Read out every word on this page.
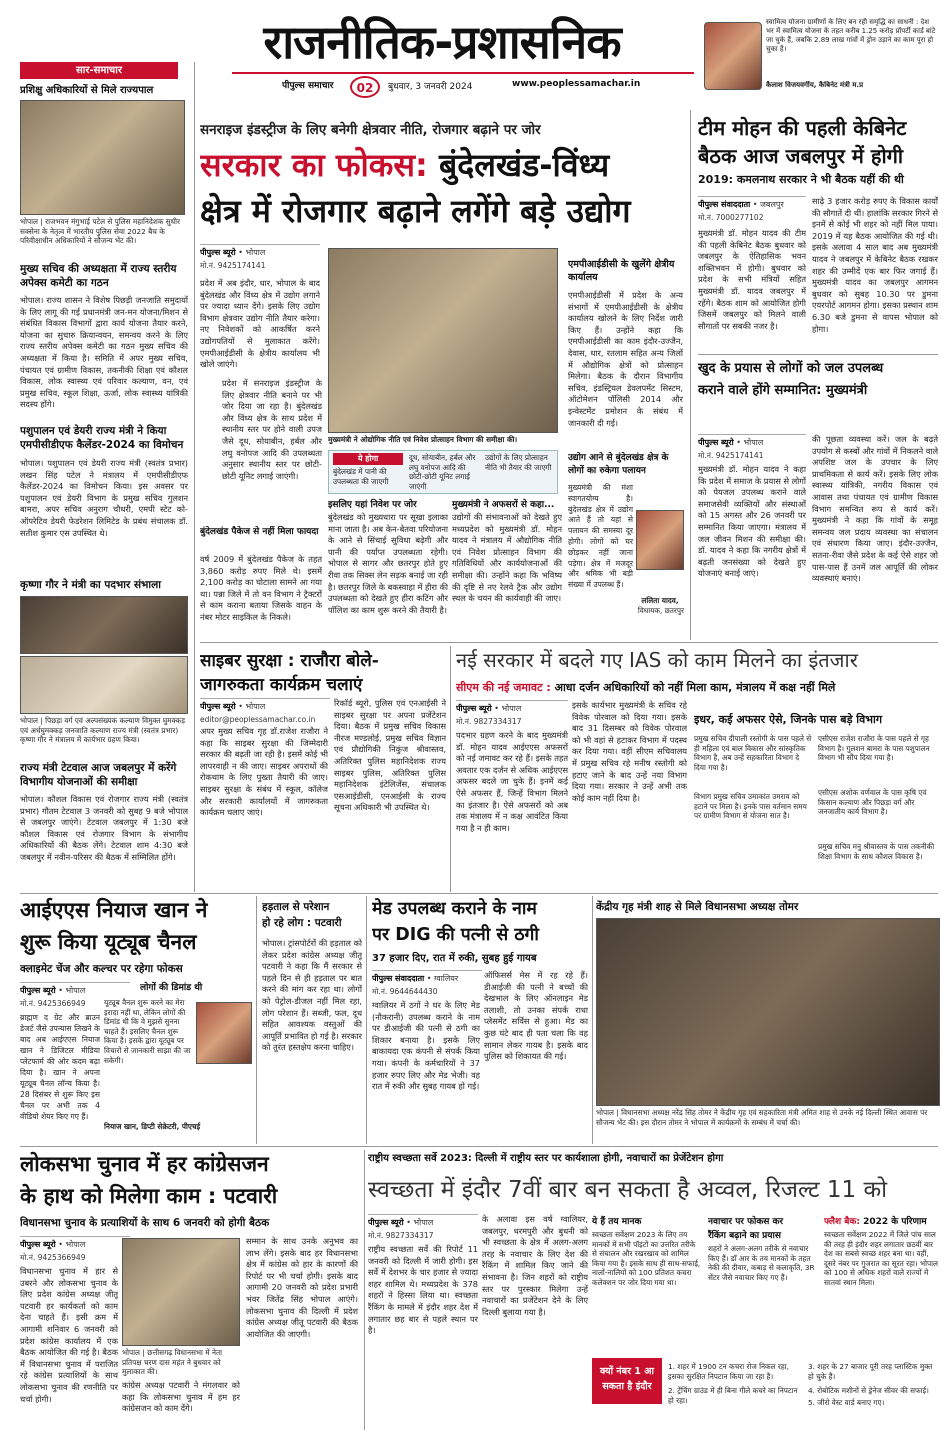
राजनीतिक-प्रशासनिक
पीपुल्स समाचार	02	बुधवार, 3 जनवरी 2024	www.peoplessamachar.in
स्वामित्व योजना ग्रामीणों के लिए बन रही समृद्धि का साधनी : देश भर में स्वामित्व योजना के तहत करीब 1.25 करोड़ प्रॉपर्टी कार्ड बांटे जा चुके हैं, जबकि 2.89 लाख गांवों में ड्रोन उड़ाने का काम पूरा हो चुका है।
कैलाश विजयवर्गीय, कैबिनेट मंत्री म.प्र
सार-समाचार
प्रशिक्षु अधिकारियों से मिले राज्यपाल
भोपाल | राजभवन मंगुभाई पटेल से पुलिस महानिदेशक सुधीर सक्सेना के नेतृत्व में भारतीय पुलिस सेवा 2022 बैच के परिवीक्षाधीन अधिकारियों ने सौजन्य भेंट की।
मुख्य सचिव की अध्यक्षता में राज्य स्तरीय अपेक्स कमेटी का गठन
भोपाल। राज्य शासन ने विशेष पिछड़ी जनजाति समुदायों के लिए लागू की गई प्रधानमंत्री जन-मन योजना/मिशन से संबंधित विकास विभागों द्वारा कार्य योजना तैयार करने, योजना का सुचारु क्रियान्वयन, समन्वय करने के लिए राज्य स्तरीय अपेक्स कमेटी का गठन मुख्य सचिव की अध्यक्षता में किया है। समिति में अपर मुख्य सचिव, पंचायत एवं ग्रामीण विकास, तकनीकी शिक्षा एवं कौशल विकास, लोक स्वास्थ्य एवं परिवार कल्याण, वन, एवं प्रमुख सचिव, स्कूल शिक्षा, ऊर्जा, लोक स्वास्थ्य यांत्रिकी सदस्य होंगे।
पशुपालन एवं डेयरी राज्य मंत्री ने किया एमपीसीडीएफ कैलेंडर-2024 का विमोचन
भोपाल। पशुपालन एवं डेयरी राज्य मंत्री (स्वतंत्र प्रभार) लखन सिंह पटेल ने मंत्रालय में एमपीसीडीएफ कैलेंडर-2024 का विमोचन किया। इस अवसर पर पशुपालन एवं डेयरी विभाग के प्रमुख सचिव गुलशन बामरा, अपर सचिव अनुराग चौधरी, एमपी स्टेट को-ऑपरेटिव डेयरी फेडरेशन लिमिटेड के प्रबंध संचालक डॉ. सतीश कुमार एस उपस्थित थे।
कृष्णा गौर ने मंत्री का पदभार संभाला
भोपाल | पिछड़ा वर्ग एवं अल्पसंख्यक कल्याण विमुक्त घुमक्कड़ एवं अर्धघुमक्कड़ जनजाति कल्याण राज्य मंत्री (स्वतंत्र प्रभार) कृष्णा गौर ने मंत्रालय में कार्यभार ग्रहण किया।
राज्य मंत्री टेटवाल आज जबलपुर में करेंगे विभागीय योजनाओं की समीक्षा
भोपाल। कौशल विकास एवं रोजगार राज्य मंत्री (स्वतंत्र प्रभार) गौतम टेटवाल 3 जनवरी को सुबह 9 बजे भोपाल से जबलपुर जाएंगे। टेटवाल जबलपुर में 1:30 बजे कौशल विकास एवं रोजगार विभाग के संभागीय अधिकारियों की बैठक लेंगे। टेटवाल शाम 4:30 बजे जबलपुर में नवीन-परिसर की बैठक में सम्मिलित होंगे।
सनराइज इंडस्ट्रीज के लिए बनेगी क्षेत्रवार नीति, रोजगार बढ़ाने पर जोर
सरकार का फोकस: बुंदेलखंड-विंध्य
क्षेत्र में रोजगार बढ़ाने लगेंगे बड़े उद्योग
पीपुल्स ब्यूरो • भोपाल
मो.नं. 9425174141
प्रदेश में अब इंदौर, धार, भोपाल के बाद बुंदेलखंड और विंध्य क्षेत्र में उद्योग लगाने पर ज्यादा ध्यान देंगे। इसके लिए उद्योग विभाग क्षेत्रवार उद्योग नीति तैयार करेगा। नए निवेशकों को आकर्षित करने उद्योगपतियों से मुलाकात करेंगे। एमपीआईडीसी के क्षेत्रीय कार्यालय भी खोले जाएंगे।
प्रदेश में सनराइज इंडस्ट्रीज के लिए क्षेत्रवार नीति बनाने पर भी जोर दिया जा रहा है। बुंदेलखंड और विंध्य क्षेत्र के साथ प्रदेश में स्थानीय स्तर पर होने वाली उपज जैसे दूध, सोयाबीन, हर्बल और लघु वनोपज आदि की उपलब्धता अनुसार स्थानीय स्तर पर छोटी-छोटी यूनिट लगाई जाएंगी।
बुंदेलखंड पैकेज से नहीं मिला फायदा
वर्ष 2009 में बुंदेलखंड पैकेज के तहत 3,860 करोड़ रुपए मिले थे। इसमें 2,100 करोड़ का घोटाला सामने आ गया था। पन्ना जिले में तो वन विभाग ने ट्रैक्टरों से काम कराना बताया जिसके वाहन के नंबर मोटर साइकिल के निकले।
मुख्यमंत्री ने ओद्योगिक नीति एवं निवेश प्रोत्साहन विभाग की समीक्षा की।
ये होगा
बुंदेलखंड में पानी की उपलब्धता की जाएगी
दूध, सोयाबीन, हर्बल और लघु वनोपज आदि की छोटी-छोटी यूनिट लगाई जाएंगी
उद्योगों के लिए प्रोत्साहन नीति भी तैयार की जाएगी
इसलिए यहां निवेश पर जोर
बुंदेलखंड को मुख्यधारा पर सूखा इलाका माना जाता है। अब केन-बेतवा परियोजना के आने से सिंचाई सुविधा बढ़ेगी और पानी की पर्याप्त उपलब्धता रहेगी। भोपाल से सागर और छतरपुर होते हुए रीवा तक सिक्स लेन सड़क बनाई जा रही है। छतरपुर जिले के बकस्वाहा में हीरा की उपलब्धता को देखते हुए हीरा कटिंग और पॉलिश का काम शुरू करने की तैयारी है।
मुख्यमंत्री ने अफसरों से कहा...
उद्योगों की संभावनाओं को देखते हुए मध्यप्रदेश को मुख्यमंत्री डॉ. मोहन यादव ने मंत्रालय में औद्योगिक नीति एवं निवेश प्रोत्साहन विभाग की गतिविधियों और कार्ययोजनाओं की समीक्षा की। उन्होंने कहा कि भविष्य की दृष्टि से नए रेलवे ट्रैक और उद्योग स्थल के चयन की कार्यवाही की जाए।
एमपीआईडीसी के खुलेंगे क्षेत्रीय कार्यालय
एमपीआईडीसी में प्रदेश के अन्य संभागों में एमपीआईडीसी के क्षेत्रीय कार्यालय खोलने के लिए निर्देश जारी किए हैं। उन्होंने कहा कि एमपीआईडीसी का काम इंदौर-उज्जैन, देवास, धार, रतलाम सहित अन्य जिलों में औद्योगिक क्षेत्रों को प्रोत्साहन मिलेगा। बैठक के दौरान विभागीय सचिव, इंडस्ट्रियल डेवलपमेंट सिस्टम, ऑटोमेशन पॉलिसी 2014 और इन्वेस्टमेंट प्रमोशन के संबंध में जानकारी दी गई।
उद्योग आने से बुंदेलखंड क्षेत्र के लोगों का रुकेगा पलायन
मुख्यमंत्री की मंशा स्वागतयोग्य है। बुंदेलखंड क्षेत्र में उद्योग आते हैं तो यहां से पलायन की समस्या दूर होगी। लोगों को घर छोड़कर नहीं जाना पड़ेगा। क्षेत्र में मजदूर और श्रमिक भी बड़ी संख्या में उपलब्ध हैं।
ललिता यादव,
विधायक, छतरपुर
टीम मोहन की पहली केबिनेट
बैठक आज जबलपुर में होगी
2019: कमलनाथ सरकार ने भी बैठक यहीं की थी
पीपुल्स संवाददाता • जबलपुर
मो.नं. 7000277102
मुख्यमंत्री डॉ. मोहन यादव की टीम की पहली केबिनेट बैठक बुधवार को जबलपुर के ऐतिहासिक भवन शक्तिभवन में होगी। बुधवार को प्रदेश के सभी मंत्रियों सहित मुख्यमंत्री डॉ. यादव जबलपुर में रहेंगे। बैठक शाम को आयोजित होगी जिसमें जबलपुर को मिलने वाली सौगातों पर सबकी नजर है।
साढ़े 3 हजार करोड़ रुपए के विकास कार्यों की सौगातें दी थीं। हालांकि सरकार गिरने से इनमें से कोई भी शहर को नहीं मिल पाया। 2019 में यह बैठक आयोजित की गई थी। इसके अलावा 4 साल बाद अब मुख्यमंत्री यादव ने जबलपुर में केबिनेट बैठक रखकर शहर की उम्मीदें एक बार फिर जगाई हैं। मुख्यमंत्री यादव का जबलपुर आगमन बुधवार को सुबह 10.30 पर डुमना एयरपोर्ट आगमन होगा। इसका प्रस्थान शाम 6.30 बजे डुमना से वापस भोपाल को होगा।
खुद के प्रयास से लोगों को जल उपलब्ध
कराने वाले होंगे सम्मानित: मुख्यमंत्री
पीपुल्स ब्यूरो • भोपाल
मो.नं. 9425174141
मुख्यमंत्री डॉ. मोहन यादव ने कहा कि प्रदेश में समाज के प्रयास से लोगों को पेयजल उपलब्ध कराने वाले समाजसेवी व्यक्तियों और संस्थाओं को 15 अगस्त और 26 जनवरी पर सम्मानित किया जाएगा। मंत्रालय में जल जीवन मिशन की समीक्षा की। डॉ. यादव ने कहा कि नगरीय क्षेत्रों में बढ़ती जनसंख्या को देखते हुए योजनाएं बनाई जाएं।
की पूछता व्यवस्था करें। जल के बढ़ते उपयोग से कस्बों और गांवों में निकलने वाले अपशिष्ट जल के उपचार के लिए प्राथमिकता से कार्य करें। इसके लिए लोक स्वास्थ्य यांत्रिकी, नगरीय विकास एवं आवास तथा पंचायत एवं ग्रामीण विकास विभाग समन्वित रूप से कार्य करें। मुख्यमंत्री ने कहा कि गांवों के समूह समन्वय जल प्रदाय व्यवस्था का संचालन एवं संधारण किया जाए। इंदौर-उज्जैन, सतना-रीवा जैसे प्रदेश के कई ऐसे शहर जो पास-पास हैं उनमें जल आपूर्ति की लोकर व्यवस्थाएं बनाएं।
साइबर सुरक्षा : राजौरा बोले-
जागरुकता कार्यक्रम चलाएं
पीपुल्स ब्यूरो • भोपाल
editor@peoplessamachar.co.in
अपर मुख्य सचिव गृह डॉ.राजेश राजौरा ने कहा कि साइबर सुरक्षा की जिम्मेदारी सरकार की बढ़ती जा रही है। इसमें कोई भी लापरवाही न की जाए। साइबर अपराधों की रोकथाम के लिए पुख्ता तैयारी की जाए। साइबर सुरक्षा के संबंध में स्कूल, कॉलेज और सरकारी कार्यालयों में जागरुकता कार्यक्रम चलाए जाएं।
रिकॉर्ड ब्यूरो, पुलिस एवं एनआईसी ने साइबर सुरक्षा पर अपना प्रजेंटेशन दिया। बैठक में प्रमुख सचिव विकास नीरज मण्डलोई, प्रमुख सचिव विज्ञान एवं प्रौद्योगिकी निकुंज श्रीवास्तव, अतिरिक्त पुलिस महानिदेशक राज्य साइबर पुलिस, अतिरिक्त पुलिस महानिदेशक इंटेलिजेंस, संचालक एसआईडीसी, एनआईसी के राज्य सूचना अधिकारी भी उपस्थित थे।
नई सरकार में बदले गए IAS को काम मिलने का इंतजार
सीएम की नई जमावट : आधा दर्जन अधिकारियों को नहीं मिला काम, मंत्रालय में कक्ष नहीं मिले
पीपुल्स ब्यूरो • भोपाल
मो.नं. 9827334317
पदभार ग्रहण करने के बाद मुख्यमंत्री डॉ. मोहन यादव आईएएस अफसरों को नई जमावट कर रहे हैं। इसके तहत अवतार एक दर्जन से अधिक आईएएस अफसर बदले जा चुके हैं। इनमें कई ऐसे अफसर हैं, जिन्हें विभाग मिलने का इंतजार है। ऐसे अफसरों को अब तक मंत्रालय में न कक्ष आवंटित किया गया है न ही काम।
इसके कार्यभार मुख्यमंत्री के सचिव रहे विवेक पोरवाल को दिया गया। इसके बाद 31 दिसम्बर को विवेक पोरवाल को भी वहां से हटाकर विभाग में पदस्थ कर दिया गया। वहीं सीएम सचिवालय में प्रमुख सचिव रहे मनीष रस्तोगी को हटाए जाने के बाद उन्हें नया विभाग दिया गया। सरकार ने उन्हें अभी तक कोई काम नहीं दिया है।
इधर, कई अफसर ऐसे, जिनके पास बड़े विभाग
प्रमुख सचिव दीपाली रस्तोगी के पास पहले से ही महिला एवं बाल विकास और सांस्कृतिक विभाग है, अब उन्हें सहकारिता विभाग दे दिया गया है।
विभाग प्रमुख सचिव उमाकांत उमराव को हटाने पर मिला है। इनके पास वर्तमान समय पर ग्रामीण विभाग से योजना सात है।
एसीएस राजेश राजौरा के पास पहले से गृह विभाग है। गुलशन बामरा के पास पशुपालन विभाग भी सौंप दिया गया है।
एसीएस अशोक वर्णवाल के पास कृषि एवं किसान कल्याण और पिछड़ा वर्ग और जनजातीय कार्य विभाग है।
प्रमुख सचिव मनु श्रीवास्तव के पास तकनीकी शिक्षा विभाग के साथ कौशल विकास है।
आईएएस नियाज खान ने
शुरू किया यूट्यूब चैनल
क्लाइमेट चेंज और कल्चर पर रहेगा फोकस
पीपुल्स ब्यूरो • भोपाल
मो.नं. 9425366949
ब्राह्मण द ग्रेट और ब्राउन डेजर्ट जैसे उपन्यास लिखने के बाद अब आईएएस नियाज खान ने डिजिटल मीडिया प्लेटफार्म की ओर कदम बढ़ा दिया है। खान ने अपना यूट्यूब चैनल लॉन्च किया है। 28 दिसंबर से शुरू किए इस चैनल पर अभी तक 4 वीडियो शेयर किए गए हैं।
लोगों की डिमांड थी
यूट्यूब वैनल शुरू करने का मेरा इरादा नहीं था, लेकिन लोगों की डिमांड थी कि वे मुझसे सुनना चाहते हैं। इसलिए चैनल शुरू किया है। इसके द्वारा यूट्यूब पर विचारों से जानकारी साझा की जा सकेगी।
नियाज खान, डिप्टी सेक्रेटरी, पीएचई
हड़ताल से परेशान
हो रहे लोग : पटवारी
भोपाल। ट्रांसपोर्टरों की हड़ताल को लेकर प्रदेश कांग्रेस अध्यक्ष जीतू पटवारी ने कहा कि मैं सरकार से पहले दिन से ही हड़ताल पर बात करने की मांग कर रहा था। लोगों को पेट्रोल-डीजल नहीं मिल रहा, लोग परेशान हैं। सब्जी, फल, दूध सहित आवश्यक वस्तुओं की आपूर्ति प्रभावित हो गई है। सरकार को तुरंत हस्तक्षेप करना चाहिए।
मेड उपलब्ध कराने के नाम
पर DIG की पत्नी से ठगी
37 हजार दिए, रात में रुकी, सुबह हुई गायब
पीपुल्स संवाददाता • ग्वालियर
मो.नं. 9644644430
ग्वालियर में ठगों ने घर के लिए मेड (नौकरानी) उपलब्ध कराने के नाम पर डीआईजी की पत्नी से ठगी का शिकार बनाया है। इसके लिए बाकायदा एक कंपनी से संपर्क किया गया। कंपनी के कर्मचारियों ने 37 हजार रुपए लिए और मेड भेजी। वह रात में रुकी और सुबह गायब हो गई।
ऑफिसर्स मेस में रह रहे हैं। डीआईजी की पत्नी ने बच्चों की देखभाल के लिए ऑनलाइन मेड तलाशी, तो उनका संपर्क राधा प्लेसमेंट सर्विस से हुआ। मेड का कुछ घंटे बाद ही पता चला कि वह सामान लेकर गायब है। इसके बाद पुलिस को शिकायत की गई।
केंद्रीय गृह मंत्री शाह से मिले विधानसभा अध्यक्ष तोमर
भोपाल | विधानसभा अध्यक्ष नरेंद्र सिंह तोमर ने केंद्रीय गृह एवं सहकारिता मंत्री अमित शाह से उनके नई दिल्ली स्थित आवास पर सौजन्य भेंट की। इस दौरान तोमर ने भोपाल में कार्यक्रमों के सम्बंध में चर्चा की।
लोकसभा चुनाव में हर कांग्रेसजन
के हाथ को मिलेगा काम : पटवारी
विधानसभा चुनाव के प्रत्याशियों के साथ 6 जनवरी को होगी बैठक
पीपुल्स ब्यूरो • भोपाल
मो.नं. 9425366949
विधानसभा चुनाव में हार से उबरने और लोकसभा चुनाव के लिए प्रदेश कांग्रेस अध्यक्ष जीतू पटवारी हर कार्यकर्ता को काम देना चाहते हैं। इसी क्रम में आगामी शनिवार 6 जनवरी को प्रदेश कांग्रेस कार्यालय में एक बैठक आयोजित की गई है। बैठक में विधानसभा चुनाव में पराजित रहे कांग्रेस प्रत्याशियों के साथ लोकसभा चुनाव की रणनीति पर चर्चा होगी।
भोपाल | छत्तीसगढ़ विधानसभा में नेता प्रतिपक्ष चरण दास महंत ने बुधवार को मुलाकात की।
कांग्रेस अध्यक्ष पटवारी ने मंगलवार को कहा कि लोकसभा चुनाव में हम हर कांग्रेसजन को काम देंगे।
सम्मान के साथ उनके अनुभव का लाभ लेंगे। इसके बाद हर विधानसभा क्षेत्र में कांग्रेस को हार के कारणों की रिपोर्ट पर भी चर्चा होगी। इसके बाद आगामी 20 जनवरी को प्रदेश प्रभारी भंवर जितेंद्र सिंह भोपाल आएंगे। लोकसभा चुनाव की दिल्ली में प्रदेश कांग्रेस अध्यक्ष जीतू पटवारी की बैठक आयोजित की जाएगी।
राष्ट्रीय स्वच्छता सर्वे 2023: दिल्ली में राष्ट्रीय स्तर पर कार्यशाला होगी, नवाचारों का प्रेजेंटेशन होगा
स्वच्छता में इंदौर 7वीं बार बन सकता है अव्वल, रिजल्ट 11 को
पीपुल्स ब्यूरो • भोपाल
मो.नं. 9827334317
राष्ट्रीय स्वच्छता सर्वे की रिपोर्ट 11 जनवरी को दिल्ली में जारी होगी। इस सर्वे में देशभर के चार हजार से ज्यादा शहर शामिल थे। मध्यप्रदेश के 378 शहरों ने हिस्सा लिया था। स्वच्छता रैंकिंग के मामले में इंदौर शहर देश में लगातार छह बार से पहले स्थान पर है।
के अलावा इस वर्ष ग्वालियर, जबलपुर, धरमपुरी और बुधनी को भी स्वच्छता के क्षेत्र में अलग-अलग तरह के नवाचार के लिए देश की रैंकिंग में शामिल किए जाने की संभावना है। जिन शहरों को राष्ट्रीय स्तर पर पुरस्कार मिलेगा उन्हें नवाचारों का प्रजेंटेशन देने के लिए दिल्ली बुलाया गया है।
ये हैं तय मानक
स्वच्छता सर्वेक्षण 2023 के लिए तय मानकों में सभी पॉइंटों का उत्तरित तरीके से संचालन और रखरखाव को शामिल किया गया है। इसके साथ ही साथ-सफाई, नालों-नालियों को 100 प्रतिशत कचरा कलेक्शन पर जोर दिया गया था।
नवाचार पर फोकस कर
रैंकिंग बढ़ाने का प्रयास
शहरों ने अलग-अलग तरीके से नवाचार किए हैं। डॉ आर के तय मानकों के तहत नेकी की दीवार, कबाड़ से कलाकृति, 3R सेंटर जैसे नवाचार किए गए हैं।
फ्लैश बैक: 2022 के परिणाम
स्वच्छता सर्वेक्षण 2022 में जिले पांच साल की तरह ही इंदौर शहर लगातार छठवीं बार देश का सबसे स्वच्छ शहर बना था। वहीं, दूसरे नंबर पर गुजरात का सूरत रहा। भोपाल को 100 से अधिक शहरों वाले राज्यों में सातवां स्थान मिला।
क्यों नंबर 1 आ
सकता है इंदौर
1. शहर में 1900 टन कचरा रोज निकल रहा, इसका सुरक्षित निपटान किया जा रहा है।
2. ट्रेंचिंग ग्राउंड में ही बिना गीले कचरे का निपटान हो रहा।
3. शहर के 27 बाजार पूरी तरह प्लास्टिक मुक्त हो चुके हैं।
4. रोबोटिक मशीनों से ड्रेनेज सीवर की सफाई।
5. जीरो वेस्ट वार्ड बनाए गए।
